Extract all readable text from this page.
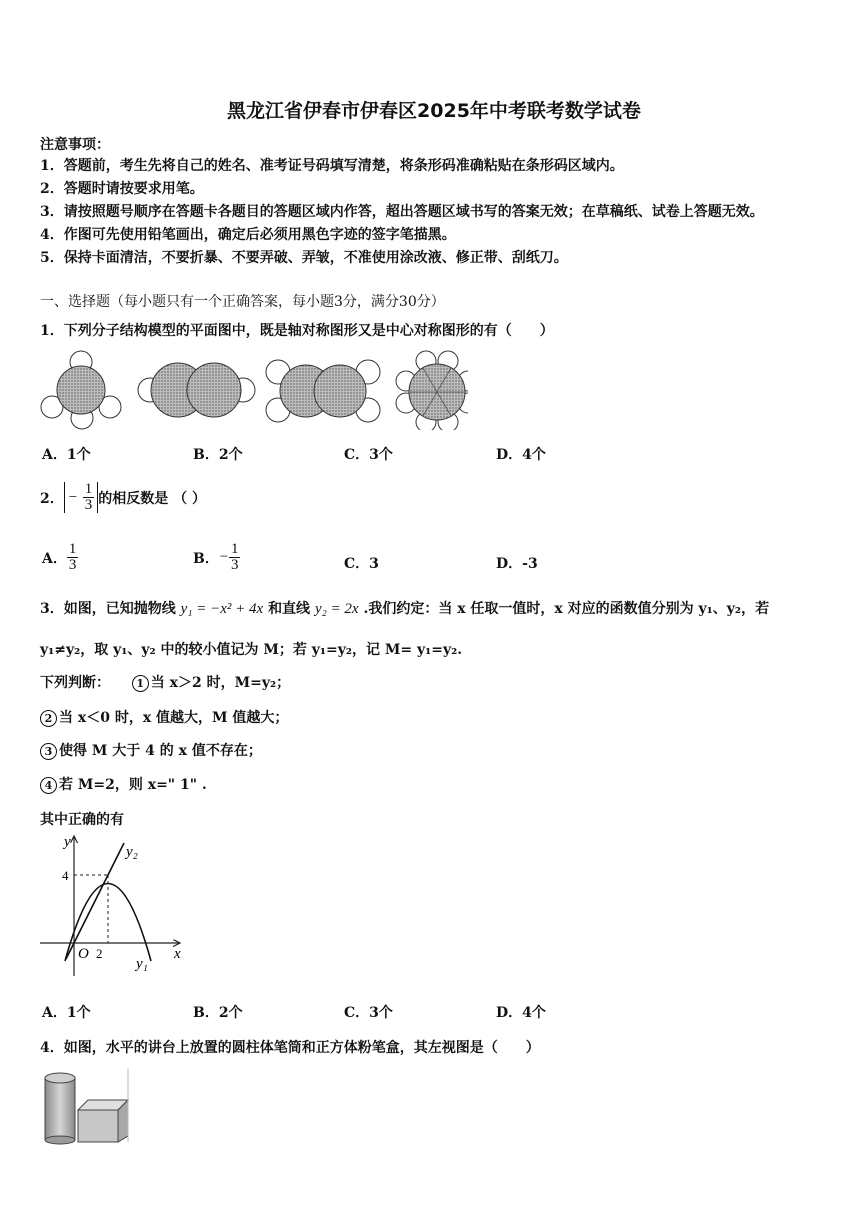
黑龙江省伊春市伊春区2025年中考联考数学试卷
注意事项：
1．答题前，考生先将自己的姓名、准考证号码填写清楚，将条形码准确粘贴在条形码区域内。
2．答题时请按要求用笔。
3．请按照题号顺序在答题卡各题目的答题区域内作答，超出答题区域书写的答案无效；在草稿纸、试卷上答题无效。
4．作图可先使用铅笔画出，确定后必须用黑色字迹的签字笔描黑。
5．保持卡面清洁，不要折暴、不要弄破、弄皱，不准使用涂改液、修正带、刮纸刀。
一、选择题（每小题只有一个正确答案，每小题3分，满分30分）
1．下列分子结构模型的平面图中，既是轴对称图形又是中心对称图形的有（　　）
A．1个	B．2个	C．3个	D．4个
2． − $\frac{1}{3}$ 的相反数是 （ ）
A． $\frac{1}{3}$	B． − $\frac{1}{3}$	C．3	D．-3
3．如图，已知抛物线 y₁ = −x² + 4x 和直线 y₂ = 2x .我们约定：当 x 任取一值时，x 对应的函数值分别为 y₁、y₂，若
y₁≠y₂，取 y₁、y₂ 中的较小值记为 M；若 y₁=y₂，记 M= y₁=y₂.
下列判断： 1 当 x＞2 时，M=y₂；
2 当 x＜0 时，x 值越大，M 值越大；
3 使得 M 大于 4 的 x 值不存在；
4 若 M=2，则 x=" 1" .
其中正确的有
y
x
O 2
4
y₂
y₁
A．1个	B．2个	C．3个	D．4个
4．如图，水平的讲台上放置的圆柱体笔筒和正方体粉笔盒，其左视图是（　　）
